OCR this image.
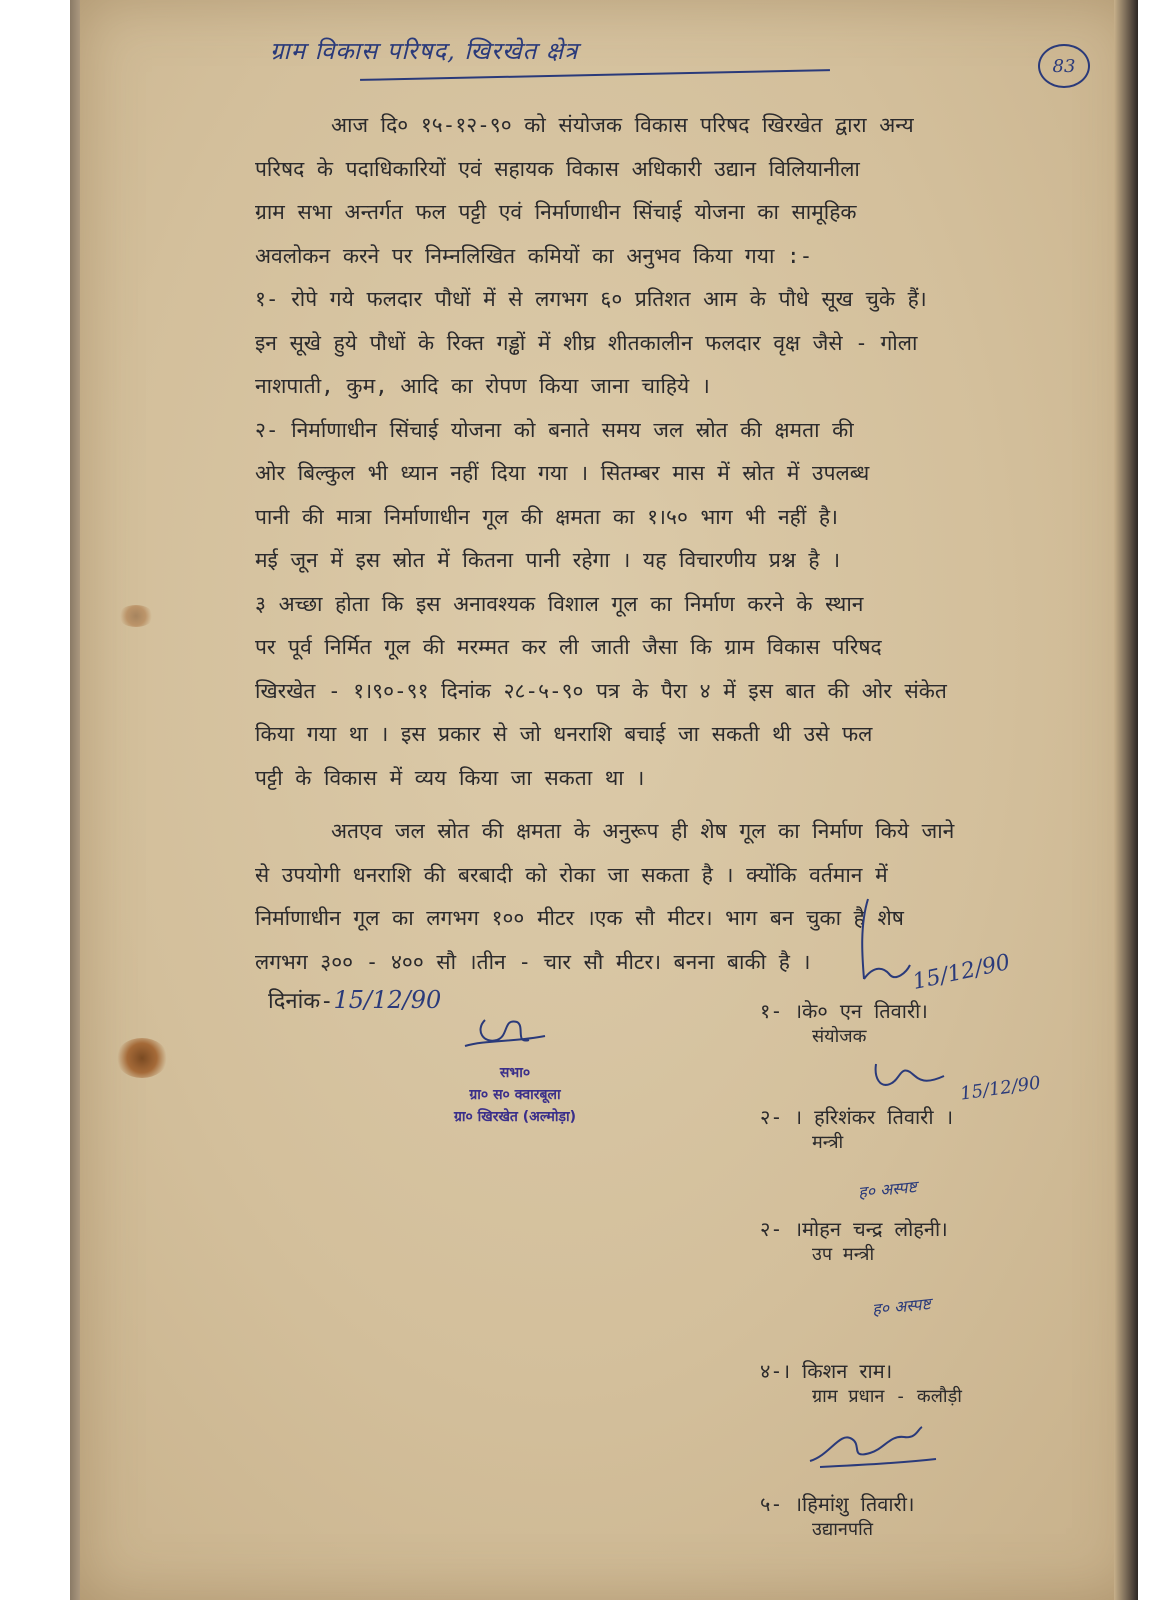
ग्राम विकास परिषद, खिरखेत क्षेत्र
83

आज दि० १५-१२-९० को संयोजक विकास परिषद खिरखेत द्वारा अन्य

परिषद के पदाधिकारियों एवं सहायक विकास अधिकारी उद्यान विलियानीला

ग्राम सभा अन्तर्गत फल पट्टी एवं निर्माणाधीन सिंचाई योजना का सामूहिक

अवलोकन करने पर निम्नलिखित कमियों का अनुभव किया गया :-

१- रोपे गये फलदार पौधों में से लगभग ६० प्रतिशत आम के पौधे सूख चुके हैं।

इन सूखे हुये पौधों के रिक्त गड्ढों में शीघ्र शीतकालीन फलदार वृक्ष जैसे - गोला

नाशपाती, कुम, आदि का रोपण किया जाना चाहिये ।

२- निर्माणाधीन सिंचाई योजना को बनाते समय जल स्रोत की क्षमता की

ओर बिल्कुल भी ध्यान नहीं दिया गया । सितम्बर मास में स्रोत में उपलब्ध

पानी की मात्रा निर्माणाधीन गूल की क्षमता का १।५० भाग भी नहीं है।

मई जून में इस स्रोत में कितना पानी रहेगा । यह विचारणीय प्रश्न है ।

३ अच्छा होता कि इस अनावश्यक विशाल गूल का निर्माण करने के स्थान

पर पूर्व निर्मित गूल की मरम्मत कर ली जाती जैसा कि ग्राम विकास परिषद

खिरखेत - १।९०-९१ दिनांक २८-५-९० पत्र के पैरा ४ में इस बात की ओर संकेत

किया गया था । इस प्रकार से जो धनराशि बचाई जा सकती थी उसे फल

पट्टी के विकास में व्यय किया जा सकता था ।

अतएव जल स्रोत की क्षमता के अनुरूप ही शेष गूल का निर्माण किये जाने

से उपयोगी धनराशि की बरबादी को रोका जा सकता है । क्योंकि वर्तमान में

निर्माणाधीन गूल का लगभग १०० मीटर ।एक सौ मीटर। भाग बन चुका है शेष

लगभग ३०० - ४०० सौ ।तीन - चार सौ मीटर। बनना बाकी है ।

दिनांक-15/12/90
सभा०
ग्रा० स० क्वारबूला
ग्रा० खिरखेत (अल्मोड़ा)
१- ।के० एन तिवारी।
संयोजक
२- । हरिशंकर तिवारी ।
मन्त्री
२- ।मोहन चन्द्र लोहनी।
उप मन्त्री
४-। किशन राम।
ग्राम प्रधान - कलौड़ी
५- ।हिमांशु तिवारी।
उद्यानपति
15/12/90
15/12/90
ह० अस्पष्ट
ह० अस्पष्ट
